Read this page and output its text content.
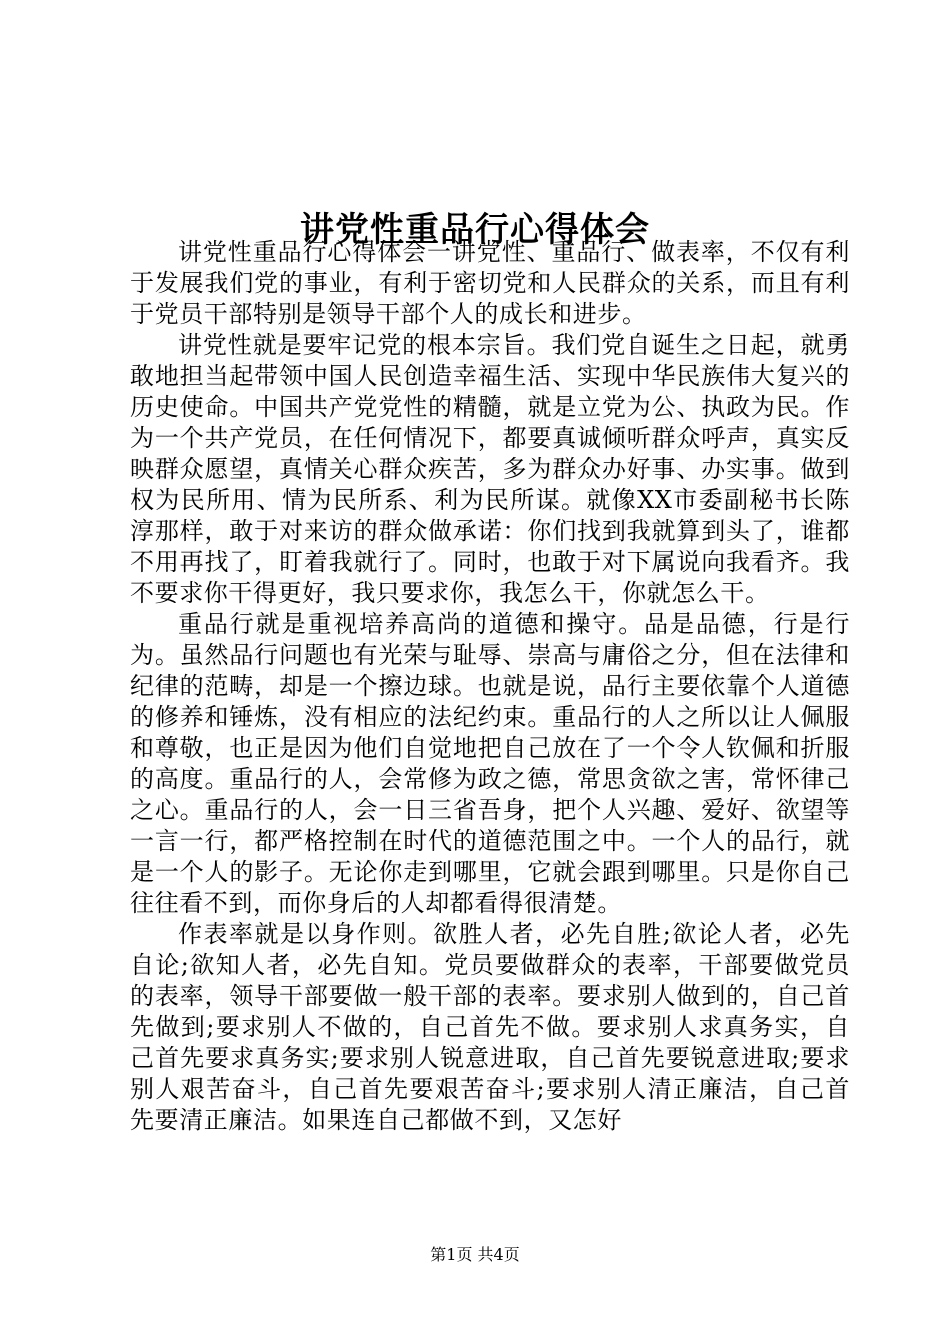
讲党性重品行心得体会

讲党性重品行心得体会一讲党性、重品行、做表率，不仅有利于发展我们党的事业，有利于密切党和人民群众的关系，而且有利于党员干部特别是领导干部个人的成长和进步。

讲党性就是要牢记党的根本宗旨。我们党自诞生之日起，就勇敢地担当起带领中国人民创造幸福生活、实现中华民族伟大复兴的历史使命。中国共产党党性的精髓，就是立党为公、执政为民。作为一个共产党员，在任何情况下，都要真诚倾听群众呼声，真实反映群众愿望，真情关心群众疾苦，多为群众办好事、办实事。做到权为民所用、情为民所系、利为民所谋。就像XX市委副秘书长陈淳那样，敢于对来访的群众做承诺：你们找到我就算到头了，谁都不用再找了，盯着我就行了。同时，也敢于对下属说向我看齐。我不要求你干得更好，我只要求你，我怎么干，你就怎么干。

重品行就是重视培养高尚的道德和操守。品是品德，行是行为。虽然品行问题也有光荣与耻辱、崇高与庸俗之分，但在法律和纪律的范畴，却是一个擦边球。也就是说，品行主要依靠个人道德的修养和锤炼，没有相应的法纪约束。重品行的人之所以让人佩服和尊敬，也正是因为他们自觉地把自己放在了一个令人钦佩和折服的高度。重品行的人，会常修为政之德，常思贪欲之害，常怀律己之心。重品行的人，会一日三省吾身，把个人兴趣、爱好、欲望等一言一行，都严格控制在时代的道德范围之中。一个人的品行，就是一个人的影子。无论你走到哪里，它就会跟到哪里。只是你自己往往看不到，而你身后的人却都看得很清楚。

作表率就是以身作则。欲胜人者，必先自胜;欲论人者，必先自论;欲知人者，必先自知。党员要做群众的表率，干部要做党员的表率，领导干部要做一般干部的表率。要求别人做到的，自己首先做到;要求别人不做的，自己首先不做。要求别人求真务实，自己首先要求真务实;要求别人锐意进取，自己首先要锐意进取;要求别人艰苦奋斗，自己首先要艰苦奋斗;要求别人清正廉洁，自己首先要清正廉洁。如果连自己都做不到，又怎好

第1页 共4页
